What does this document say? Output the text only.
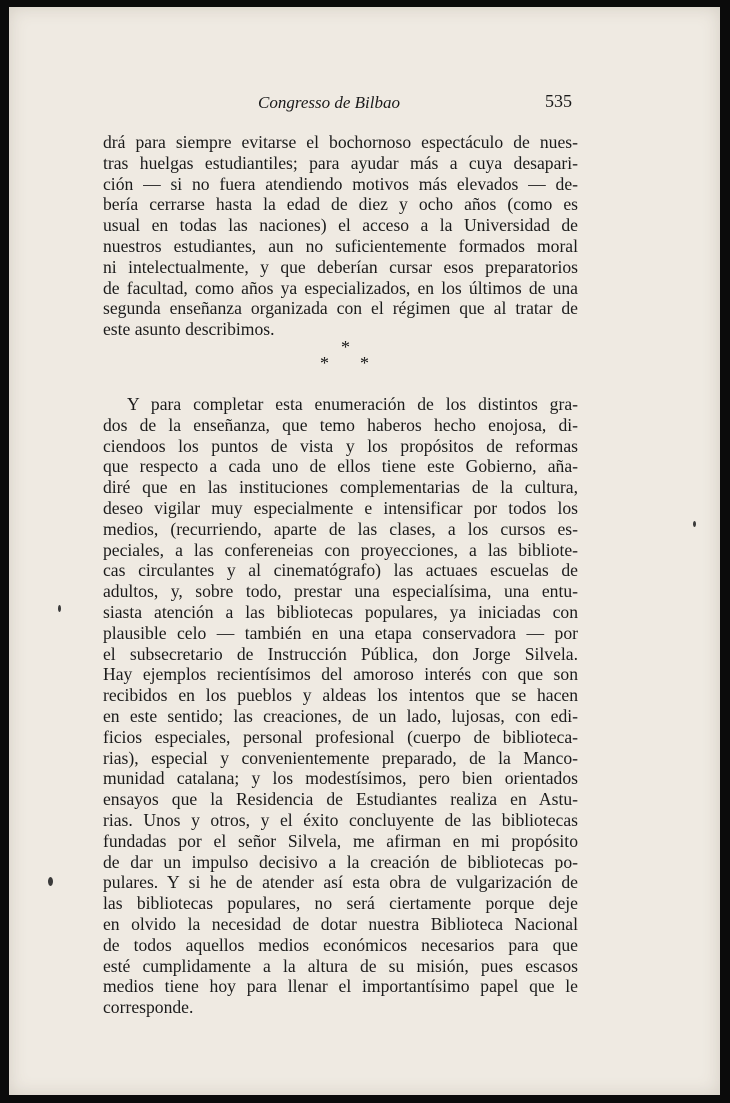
Congresso de Bilbao	535

drá para siempre evitarse el bochornoso espectáculo de nues-
tras huelgas estudiantiles; para ayudar más a cuya desapari-
ción — si no fuera atendiendo motivos más elevados — de-
bería cerrarse hasta la edad de diez y ocho años (como es
usual en todas las naciones) el acceso a la Universidad de
nuestros estudiantes, aun no suficientemente formados moral
ni intelectualmente, y que deberían cursar esos preparatorios
de facultad, como años ya especializados, en los últimos de una
segunda enseñanza organizada con el régimen que al tratar de
este asunto describimos.

*
* *

Y para completar esta enumeración de los distintos gra-
dos de la enseñanza, que temo haberos hecho enojosa, di-
ciendoos los puntos de vista y los propósitos de reformas
que respecto a cada uno de ellos tiene este Gobierno, aña-
diré que en las instituciones complementarias de la cultura,
deseo vigilar muy especialmente e intensificar por todos los
medios, (recurriendo, aparte de las clases, a los cursos es-
peciales, a las confereneias con proyecciones, a las bibliote-
cas circulantes y al cinematógrafo) las actuaes escuelas de
adultos, y, sobre todo, prestar una especialísima, una entu-
siasta atención a las bibliotecas populares, ya iniciadas con
plausible celo — también en una etapa conservadora — por
el subsecretario de Instrucción Pública, don Jorge Silvela.
Hay ejemplos recientísimos del amoroso interés con que son
recibidos en los pueblos y aldeas los intentos que se hacen
en este sentido; las creaciones, de un lado, lujosas, con edi-
ficios especiales, personal profesional (cuerpo de biblioteca-
rias), especial y convenientemente preparado, de la Manco-
munidad catalana; y los modestísimos, pero bien orientados
ensayos que la Residencia de Estudiantes realiza en Astu-
rias. Unos y otros, y el éxito concluyente de las bibliotecas
fundadas por el señor Silvela, me afirman en mi propósito
de dar un impulso decisivo a la creación de bibliotecas po-
pulares. Y si he de atender así esta obra de vulgarización de
las bibliotecas populares, no será ciertamente porque deje
en olvido la necesidad de dotar nuestra Biblioteca Nacional
de todos aquellos medios económicos necesarios para que
esté cumplidamente a la altura de su misión, pues escasos
medios tiene hoy para llenar el importantísimo papel que le
corresponde.
